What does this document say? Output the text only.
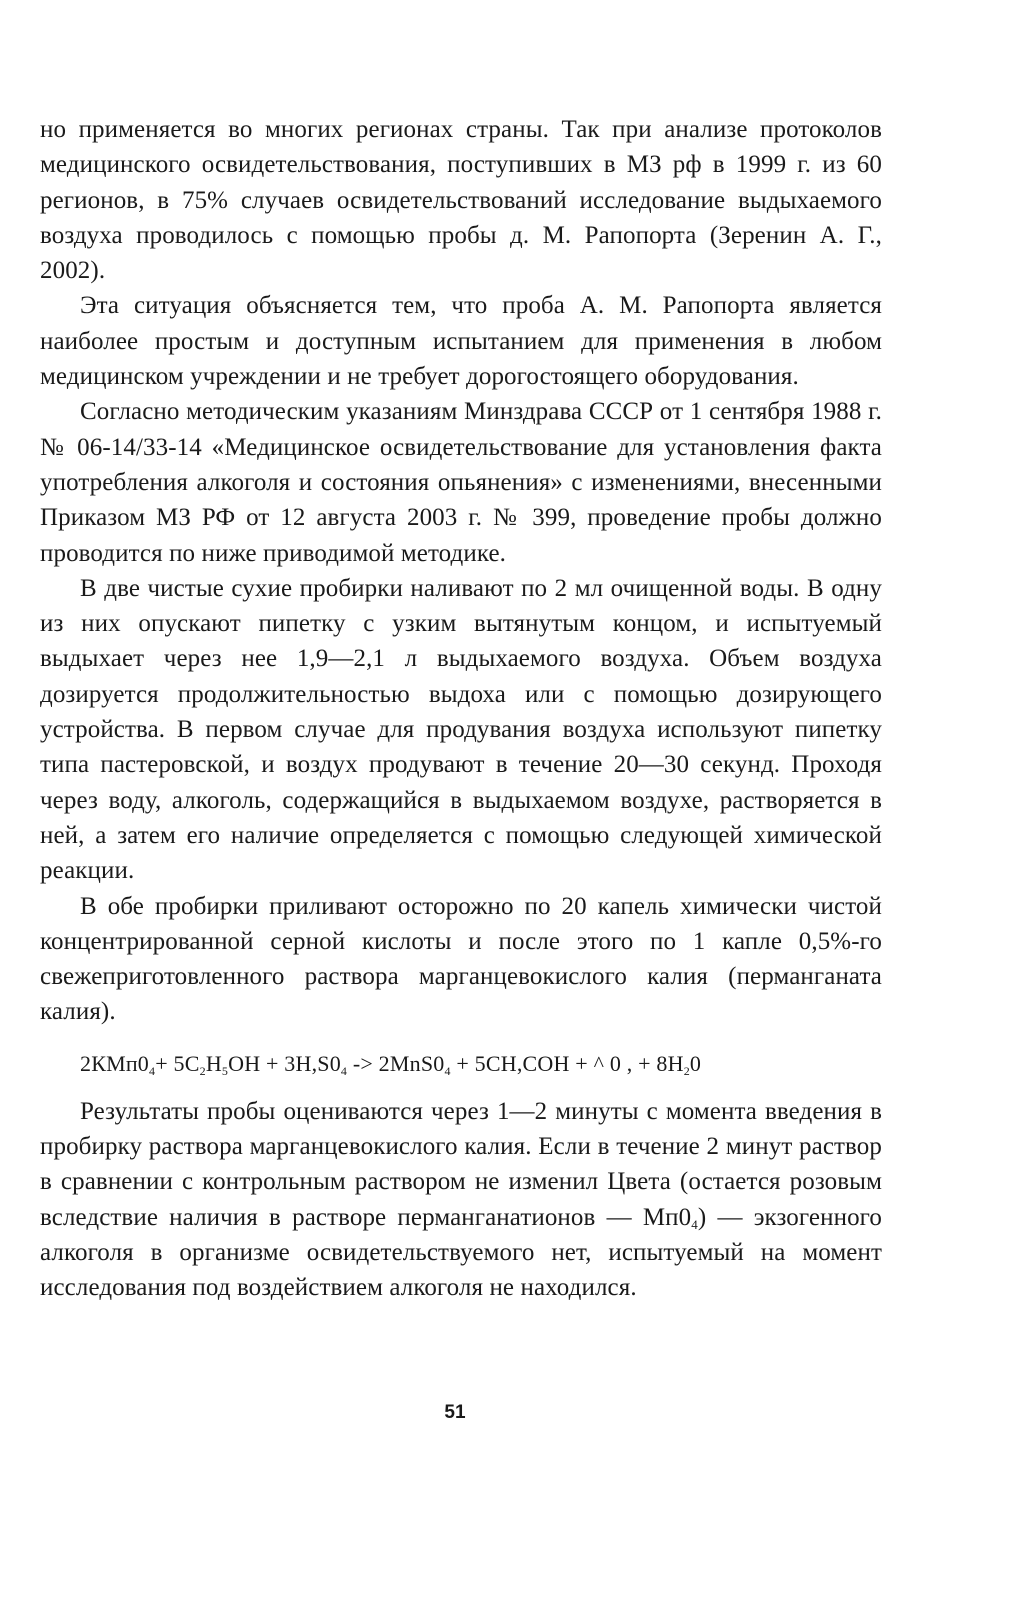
но применяется во многих регионах страны. Так при анализе протоколов медицинского освидетельствования, поступивших в МЗ рф в 1999 г. из 60 регионов, в 75% случаев освидетельствований исследование выдыхаемого воздуха проводилось с помощью пробы д. М. Рапопорта (Зеренин А. Г., 2002).

Эта ситуация объясняется тем, что проба А. М. Рапопорта является наиболее простым и доступным испытанием для применения в любом медицинском учреждении и не требует дорогостоящего оборудования.

Согласно методическим указаниям Минздрава СССР от 1 сентября 1988 г. № 06-14/33-14 «Медицинское освидетельствование для установления факта употребления алкоголя и состояния опьянения» с изменениями, внесенными Приказом МЗ РФ от 12 августа 2003 г. № 399, проведение пробы должно проводится по ниже приводимой методике.

В две чистые сухие пробирки наливают по 2 мл очищенной воды. В одну из них опускают пипетку с узким вытянутым концом, и испытуемый выдыхает через нее 1,9—2,1 л выдыхаемого воздуха. Объем воздуха дозируется продолжительностью выдоха или с помощью дозирующего устройства. В первом случае для продувания воздуха используют пипетку типа пастеровской, и воздух продувают в течение 20—30 секунд. Проходя через воду, алкоголь, содержащийся в выдыхаемом воздухе, растворяется в ней, а затем его наличие определяется с помощью следующей химической реакции.

В обе пробирки приливают осторожно по 20 капель химически чистой концентрированной серной кислоты и после этого по 1 капле 0,5%-го свежеприготовленного раствора марганцевокислого калия (перманганата калия).

$2КМп0_4+ 5С_2Н_5ОН + 3Н,S0_4 -> 2МnS0_4 + 5СН,СОН$ + ^ 0 , + $8Н_20$

Результаты пробы оцениваются через 1—2 минуты с момента введения в пробирку раствора марганцевокислого калия. Если в течение 2 минут раствор в сравнении с контрольным раствором не изменил Цвета (остается розовым вследствие наличия в растворе перманганатионов — $Мп0_4$) — экзогенного алкоголя в организме освидетельствуемого нет, испытуемый на момент исследования под воздействием алкоголя не находился.

51
